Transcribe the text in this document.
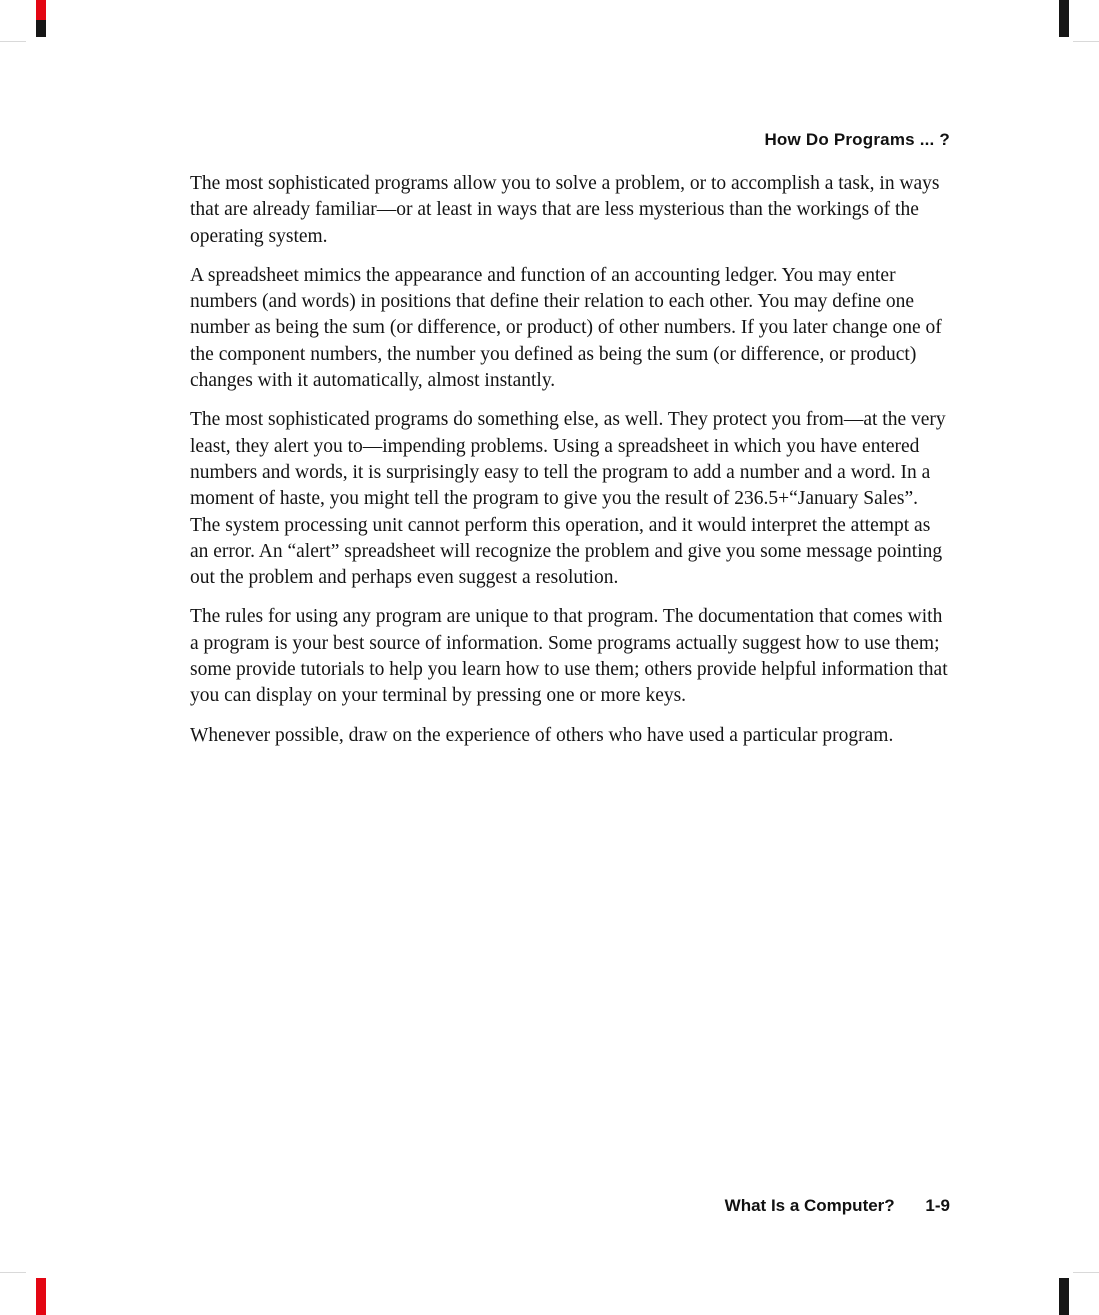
How Do Programs ... ?

The most sophisticated programs allow you to solve a problem, or to accomplish a task, in ways that are already familiar—or at least in ways that are less mysterious than the workings of the operating system.

A spreadsheet mimics the appearance and function of an accounting ledger. You may enter numbers (and words) in positions that define their relation to each other. You may define one number as being the sum (or difference, or product) of other numbers. If you later change one of the component numbers, the number you defined as being the sum (or difference, or product) changes with it automatically, almost instantly.

The most sophisticated programs do something else, as well. They protect you from—at the very least, they alert you to—impending problems. Using a spreadsheet in which you have entered numbers and words, it is surprisingly easy to tell the program to add a number and a word. In a moment of haste, you might tell the program to give you the result of 236.5+“January Sales”. The system processing unit cannot perform this operation, and it would interpret the attempt as an error. An “alert” spreadsheet will recognize the problem and give you some message pointing out the problem and perhaps even suggest a resolution.

The rules for using any program are unique to that program. The documentation that comes with a program is your best source of information. Some programs actually suggest how to use them; some provide tutorials to help you learn how to use them; others provide helpful information that you can display on your terminal by pressing one or more keys.

Whenever possible, draw on the experience of others who have used a particular program.

What Is a Computer? 1-9
